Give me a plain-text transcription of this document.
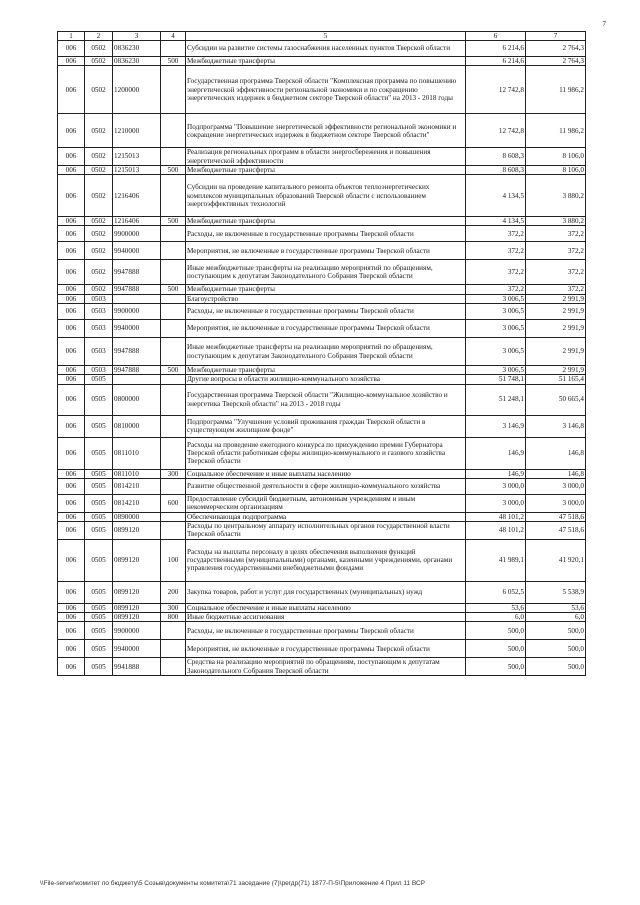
7
1	2	3	4	5	6	7
006	0502	0836230		Субсидии на развитие системы газоснабжения населенных пунктов Тверской области	6 214,6	2 764,3
006	0502	0836230	500	Межбюджетные трансферты	6 214,6	2 764,3
006	0502	1200000		Государственная программа Тверской области "Комплексная программа по повышению энергетической эффективности региональной экономики и по сокращению энергетических издержек в бюджетном секторе Тверской области" на 2013 - 2018 годы	12 742,8	11 986,2
006	0502	1210000		Подпрограмма "Повышение энергетической эффективности региональной экономики и сокращение энергетических издержек в бюджетном секторе Тверской области"	12 742,8	11 986,2
006	0502	1215013		Реализация региональных программ в области энергосбережения и повышения энергетической эффективности	8 608,3	8 106,0
006	0502	1215013	500	Межбюджетные трансферты	8 608,3	8 106,0
006	0502	1216406		Субсидии на проведение капитального ремонта объектов теплоэнергетических комплексов муниципальных образований Тверской области с использованием энергоэффективных технологий	4 134,5	3 880,2
006	0502	1216406	500	Межбюджетные трансферты	4 134,5	3 880,2
006	0502	9900000		Расходы, не включенные в государственные программы Тверской области	372,2	372,2
006	0502	9940000		Мероприятия, не включенные в государственные программы Тверской области	372,2	372,2
006	0502	9947888		Иные межбюджетные трансферты на реализацию мероприятий по обращениям, поступающим к депутатам Законодательного Собрания Тверской области	372,2	372,2
006	0502	9947888	500	Межбюджетные трансферты	372,2	372,2
006	0503			Благоустройство	3 006,5	2 991,9
006	0503	9900000		Расходы, не включенные в государственные программы Тверской области	3 006,5	2 991,9
006	0503	9940000		Мероприятия, не включенные в государственные программы Тверской области	3 006,5	2 991,9
006	0503	9947888		Иные межбюджетные трансферты на реализацию мероприятий по обращениям, поступающим к депутатам Законодательного Собрания Тверской области	3 006,5	2 991,9
006	0503	9947888	500	Межбюджетные трансферты	3 006,5	2 991,9
006	0505			Другие вопросы в области жилищно-коммунального хозяйства	51 748,1	51 165,4
006	0505	0800000		Государственная программа Тверской области "Жилищно-коммунальное хозяйство и энергетика Тверской области" на 2013 - 2018 годы	51 248,1	50 665,4
006	0505	0810000		Подпрограмма "Улучшение условий проживания граждан Тверской области в существующем жилищном фонде"	3 146,9	3 146,8
006	0505	0811010		Расходы на проведение ежегодного конкурса по присуждению премии Губернатора Тверской области работникам сферы жилищно-коммунального и газового хозяйства Тверской области	146,9	146,8
006	0505	0811010	300	Социальное обеспечение и иные выплаты населению	146,9	146,8
006	0505	0814210		Развитие общественной деятельности в сфере жилищно-коммунального хозяйства	3 000,0	3 000,0
006	0505	0814210	600	Предоставление субсидий бюджетным, автономным учреждениям и иным некоммерческим организациям	3 000,0	3 000,0
006	0505	0890000		Обеспечивающая подпрограмма	48 101,2	47 518,6
006	0505	0899120		Расходы по центральному аппарату исполнительных органов государственной власти Тверской области	48 101,2	47 518,6
006	0505	0899120	100	Расходы на выплаты персоналу в целях обеспечения выполнения функций государственными (муниципальными) органами, казенными учреждениями, органами управления государственными внебюджетными фондами	41 989,1	41 920,1
006	0505	0899120	200	Закупка товаров, работ и услуг для государственных (муниципальных) нужд	6 052,5	5 538,9
006	0505	0899120	300	Социальное обеспечение и иные выплаты населению	53,6	53,6
006	0505	0899120	800	Иные бюджетные ассигнования	6,0	6,0
006	0505	9900000		Расходы, не включенные в государственные программы Тверской области	500,0	500,0
006	0505	9940000		Мероприятия, не включенные в государственные программы Тверской области	500,0	500,0
006	0505	9941888		Средства на реализацию мероприятий по обращениям, поступающим к депутатам Законодательного Собрания Тверской области	500,0	500,0
\\File-server\комитет по бюджету\5 Созыв\документы комитета\71 заседание (7)\регдр(71) 1877-П-5\Приложение 4 Прил 11 ВСР
